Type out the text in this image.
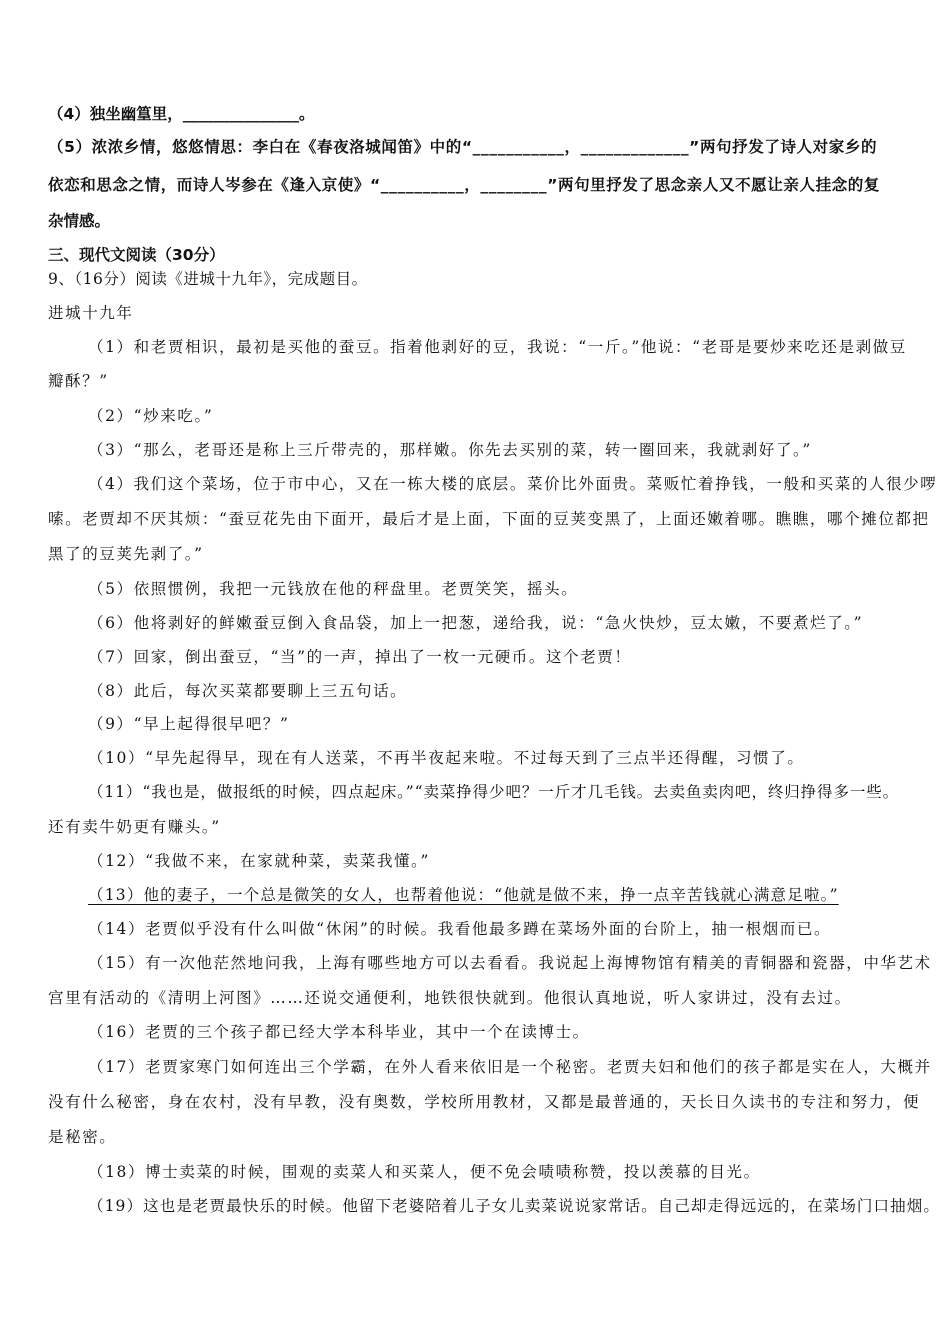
（4）独坐幽篁里，_______________。
（5）浓浓乡情，悠悠情思：李白在《春夜洛城闻笛》中的“___________，_____________”两句抒发了诗人对家乡的
依恋和思念之情，而诗人岑参在《逢入京使》“__________，________”两句里抒发了思念亲人又不愿让亲人挂念的复
杂情感。
三、现代文阅读（30分）
9、（16分）阅读《进城十九年》，完成题目。
进城十九年
（1）和老贾相识，最初是买他的蚕豆。指着他剥好的豆，我说：“一斤。”他说：“老哥是要炒来吃还是剥做豆
瓣酥？”
（2）“炒来吃。”
（3）“那么，老哥还是称上三斤带壳的，那样嫩。你先去买别的菜，转一圈回来，我就剥好了。”
（4）我们这个菜场，位于市中心，又在一栋大楼的底层。菜价比外面贵。菜贩忙着挣钱，一般和买菜的人很少啰
嗦。老贾却不厌其烦：“蚕豆花先由下面开，最后才是上面，下面的豆荚变黑了，上面还嫩着哪。瞧瞧，哪个摊位都把
黑了的豆荚先剥了。”
（5）依照惯例，我把一元钱放在他的秤盘里。老贾笑笑，摇头。
（6）他将剥好的鲜嫩蚕豆倒入食品袋，加上一把葱，递给我，说：“急火快炒，豆太嫩，不要煮烂了。”
（7）回家，倒出蚕豆，“当”的一声，掉出了一枚一元硬币。这个老贾！
（8）此后，每次买菜都要聊上三五句话。
（9）“早上起得很早吧？”
（10）“早先起得早，现在有人送菜，不再半夜起来啦。不过每天到了三点半还得醒，习惯了。
（11）“我也是，做报纸的时候，四点起床。”“卖菜挣得少吧？一斤才几毛钱。去卖鱼卖肉吧，终归挣得多一些。
还有卖牛奶更有赚头。”
（12）“我做不来，在家就种菜，卖菜我懂。”
（13）他的妻子，一个总是微笑的女人，也帮着他说：“他就是做不来，挣一点辛苦钱就心满意足啦。”
（14）老贾似乎没有什么叫做“休闲”的时候。我看他最多蹲在菜场外面的台阶上，抽一根烟而已。
（15）有一次他茫然地问我，上海有哪些地方可以去看看。我说起上海博物馆有精美的青铜器和瓷器，中华艺术
宫里有活动的《清明上河图》……还说交通便利，地铁很快就到。他很认真地说，听人家讲过，没有去过。
（16）老贾的三个孩子都已经大学本科毕业，其中一个在读博士。
（17）老贾家寒门如何连出三个学霸，在外人看来依旧是一个秘密。老贾夫妇和他们的孩子都是实在人，大概并
没有什么秘密，身在农村，没有早教，没有奥数，学校所用教材，又都是最普通的，天长日久读书的专注和努力，便
是秘密。
（18）博士卖菜的时候，围观的卖菜人和买菜人，便不免会啧啧称赞，投以羡慕的目光。
（19）这也是老贾最快乐的时候。他留下老婆陪着儿子女儿卖菜说说家常话。自己却走得远远的，在菜场门口抽烟。
